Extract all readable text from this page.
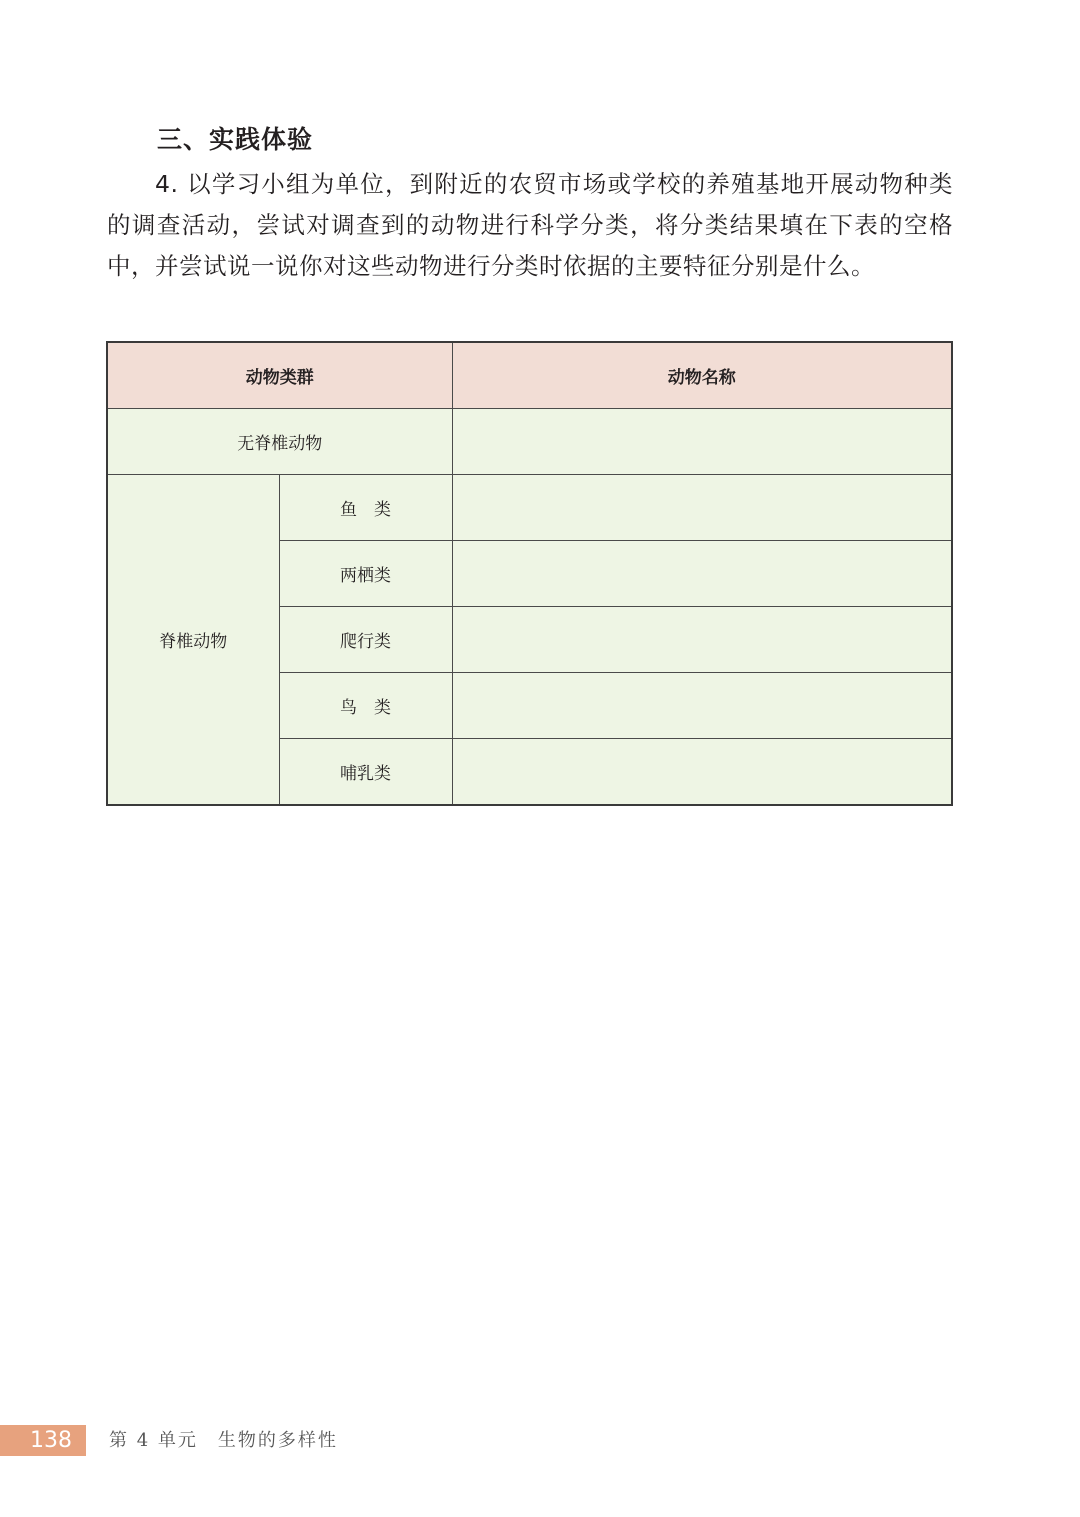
三、实践体验

4. 以学习小组为单位，到附近的农贸市场或学校的养殖基地开展动物种类的调查活动，尝试对调查到的动物进行科学分类，将分类结果填在下表的空格中，并尝试说一说你对这些动物进行分类时依据的主要特征分别是什么。

动物类群		动物名称
无脊椎动物		
脊椎动物	鱼　类	
	两栖类	
	爬行类	
	鸟　类	
	哺乳类	
138 第 4 单元　生物的多样性
